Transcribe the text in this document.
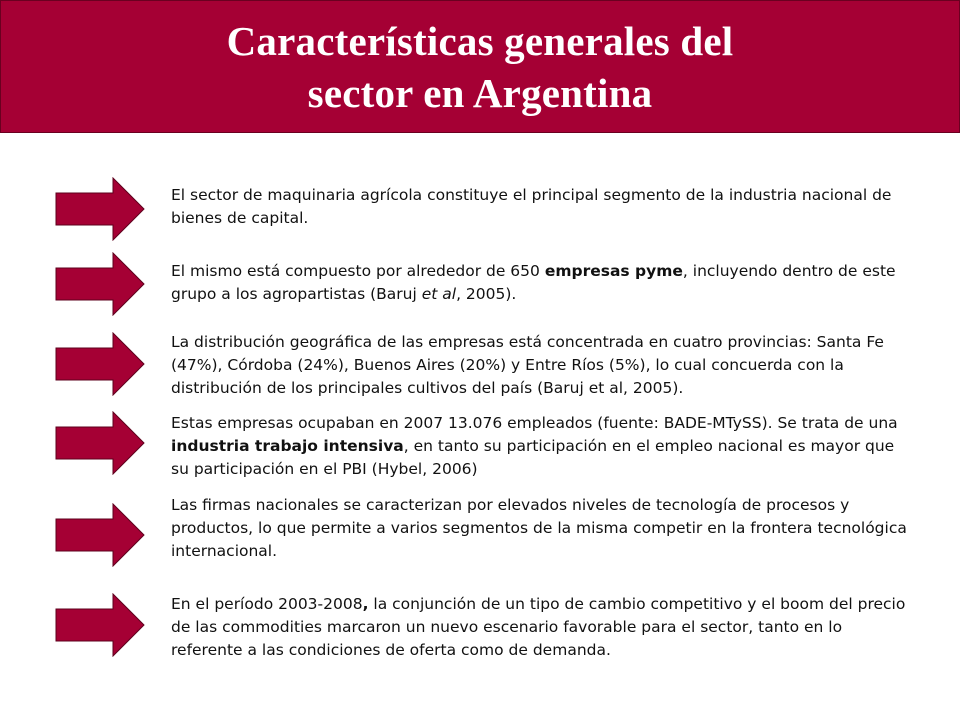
Características generales del
sector en Argentina
El sector de maquinaria agrícola constituye el principal segmento de la industria nacional de bienes de capital.
El mismo está compuesto por alrededor de 650 empresas pyme, incluyendo dentro de este grupo a los agropartistas (Baruj et al, 2005).
La distribución geográfica de las empresas está concentrada en cuatro provincias: Santa Fe (47%), Córdoba (24%), Buenos Aires (20%) y Entre Ríos (5%), lo cual concuerda con la distribución de los principales cultivos del país (Baruj et al, 2005).
Estas empresas ocupaban en 2007 13.076 empleados (fuente: BADE-MTySS). Se trata de una industria trabajo intensiva, en tanto su participación en el empleo nacional es mayor que su participación en el PBI (Hybel, 2006)
Las firmas nacionales se caracterizan por elevados niveles de tecnología de procesos y productos, lo que permite a varios segmentos de la misma competir en la frontera tecnológica internacional.
En el período 2003-2008, la conjunción de un tipo de cambio competitivo y el boom del precio de las commodities marcaron un nuevo escenario favorable para el sector, tanto en lo referente a las condiciones de oferta como de demanda.
